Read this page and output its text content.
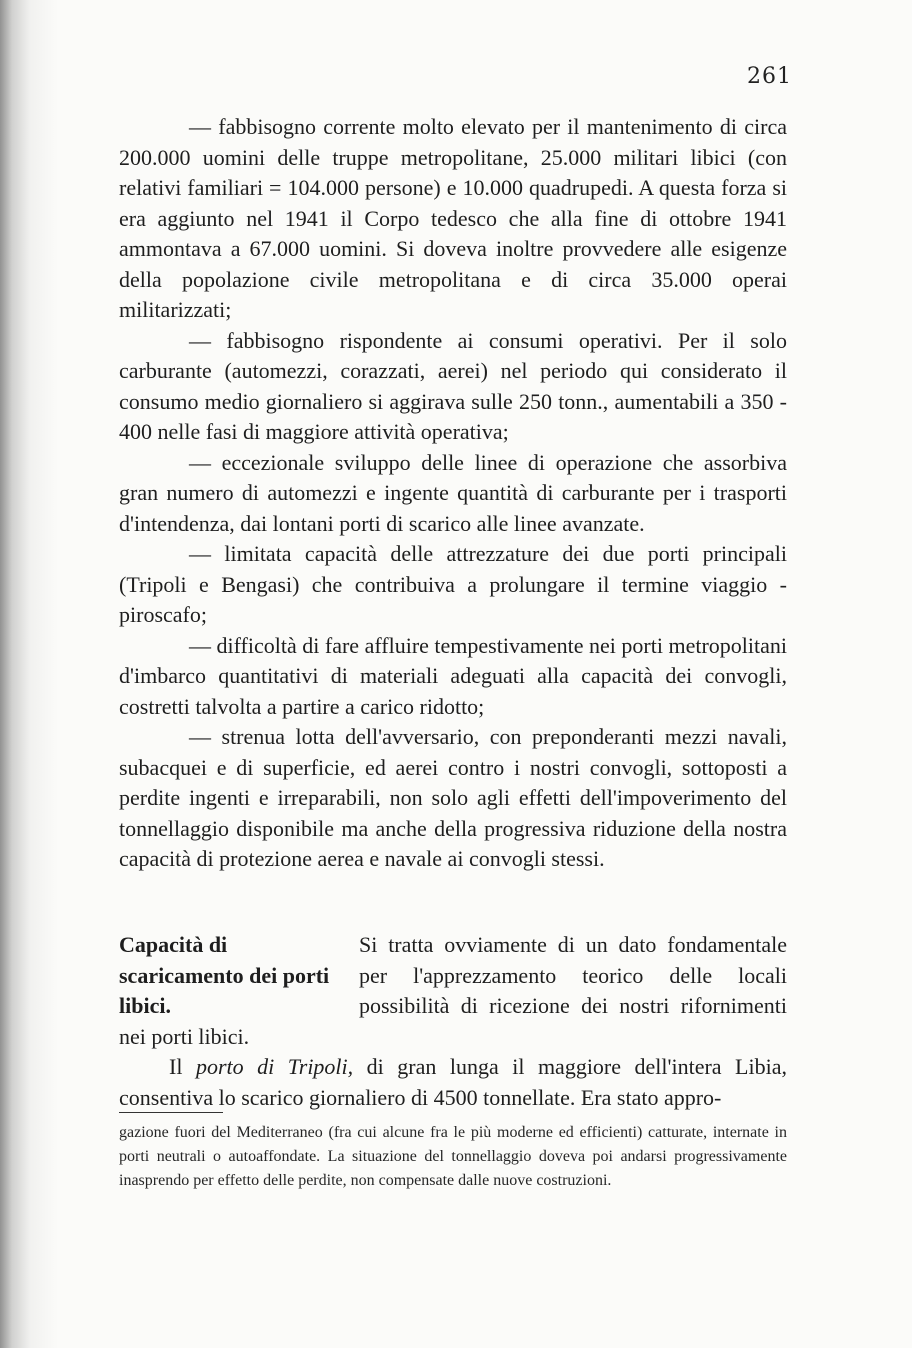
261

— fabbisogno corrente molto elevato per il mantenimento di circa 200.000 uomini delle truppe metropolitane, 25.000 militari libici (con relativi familiari = 104.000 persone) e 10.000 quadrupedi. A questa forza si era aggiunto nel 1941 il Corpo tedesco che alla fine di ottobre 1941 ammontava a 67.000 uomini. Si doveva inoltre provvedere alle esigenze della popolazione civile metropolitana e di circa 35.000 operai militarizzati;

— fabbisogno rispondente ai consumi operativi. Per il solo carburante (automezzi, corazzati, aerei) nel periodo qui considerato il consumo medio giornaliero si aggirava sulle 250 tonn., aumentabili a 350 - 400 nelle fasi di maggiore attività operativa;

— eccezionale sviluppo delle linee di operazione che assorbiva gran numero di automezzi e ingente quantità di carburante per i trasporti d'intendenza, dai lontani porti di scarico alle linee avanzate.

— limitata capacità delle attrezzature dei due porti principali (Tripoli e Bengasi) che contribuiva a prolungare il termine viaggio - piroscafo;

— difficoltà di fare affluire tempestivamente nei porti metropolitani d'imbarco quantitativi di materiali adeguati alla capacità dei convogli, costretti talvolta a partire a carico ridotto;

— strenua lotta dell'avversario, con preponderanti mezzi navali, subacquei e di superficie, ed aerei contro i nostri convogli, sottoposti a perdite ingenti e irreparabili, non solo agli effetti dell'impoverimento del tonnellaggio disponibile ma anche della progressiva riduzione della nostra capacità di protezione aerea e navale ai convogli stessi.

Capacità di scaricamento dei porti libici.

Si tratta ovviamente di un dato fondamentale per l'apprezzamento teorico delle locali possibilità di ricezione dei nostri rifornimenti nei porti libici.

Il porto di Tripoli, di gran lunga il maggiore dell'intera Libia, consentiva lo scarico giornaliero di 4500 tonnellate. Era stato appro-

gazione fuori del Mediterraneo (fra cui alcune fra le più moderne ed efficienti) catturate, internate in porti neutrali o autoaffondate. La situazione del tonnellaggio doveva poi andarsi progressivamente inasprendo per effetto delle perdite, non compensate dalle nuove costruzioni.
